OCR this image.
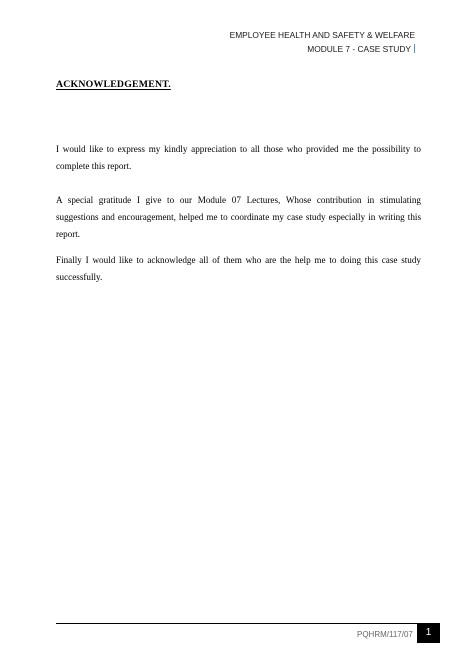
EMPLOYEE HEALTH AND SAFETY & WELFARE
MODULE 7 - CASE STUDY
ACKNOWLEDGEMENT.
I would like to express my kindly appreciation to all those who provided me the possibility to complete this report.
A special gratitude I give to our Module 07 Lectures, Whose contribution in stimulating suggestions and encouragement, helped me to coordinate my case study especially in writing this report.
Finally I would like to acknowledge all of them who are the help me to doing this case study successfully.
PQHRM/117/07	1
